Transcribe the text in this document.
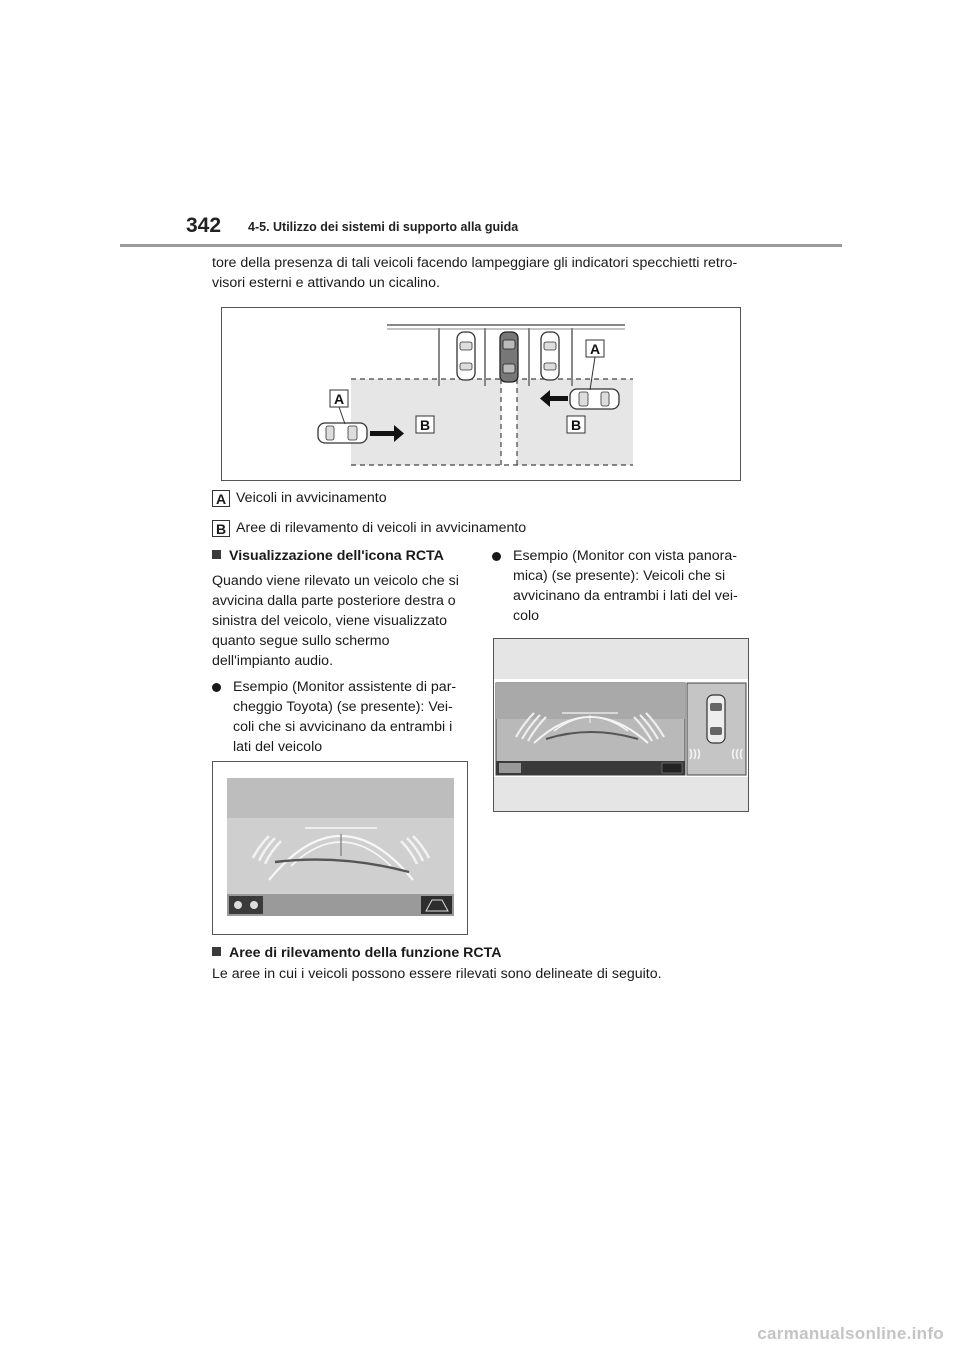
342 4-5. Utilizzo dei sistemi di supporto alla guida
tore della presenza di tali veicoli facendo lampeggiare gli indicatori specchietti retro-
visori esterni e attivando un cicalino.
A
A
B	B
A Veicoli in avvicinamento
B Aree di rilevamento di veicoli in avvicinamento
Visualizzazione dell'icona RCTA
Quando viene rilevato un veicolo che si
avvicina dalla parte posteriore destra o
sinistra del veicolo, viene visualizzato
quanto segue sullo schermo
dell'impianto audio.
Esempio (Monitor assistente di par-
cheggio Toyota) (se presente): Vei-
coli che si avvicinano da entrambi i
lati del veicolo
Esempio (Monitor con vista panora-
mica) (se presente): Veicoli che si
avvicinano da entrambi i lati del vei-
colo
Aree di rilevamento della funzione RCTA
Le aree in cui i veicoli possono essere rilevati sono delineate di seguito.
carmanualsonline.info
